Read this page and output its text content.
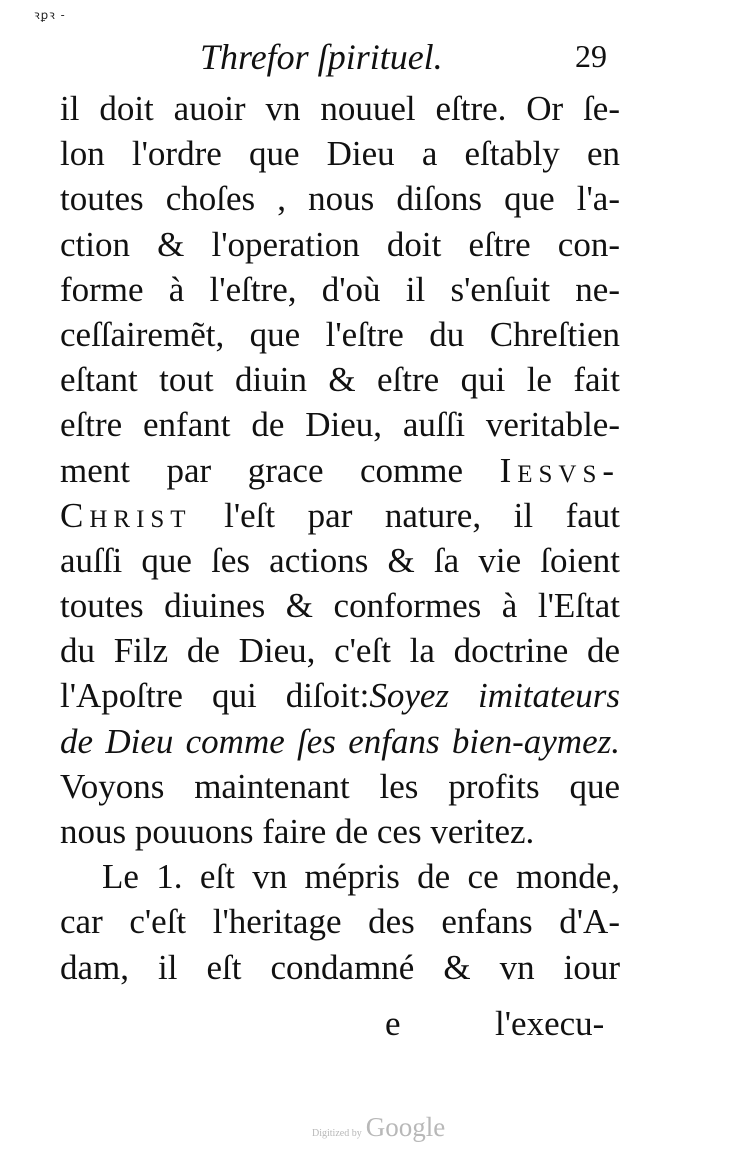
ꝛꝑꝛ -
Threfor ſpirituel.	29
il doit auoir vn nouuel eſtre. Or ſe-
lon l'ordre que Dieu a eſtably en
toutes choſes , nous diſons que l'a-
ction & l'operation doit eſtre con-
forme à l'eſtre, d'où il s'enſuit ne-
ceſſairemẽt, que l'eſtre du Chreſtien
eſtant tout diuin & eſtre qui le fait
eſtre enfant de Dieu, auſſi veritable-
ment par grace comme Iesvs-
Christ l'eſt par nature, il faut
auſſi que ſes actions & ſa vie ſoient
toutes diuines & conformes à l'Eſtat
du Filz de Dieu, c'eſt la doctrine de
l'Apoſtre qui diſoit:Soyez imitateurs
de Dieu comme ſes enfans bien-aymez.
Voyons maintenant les profits que
nous pouuons faire de ces veritez.
Le 1. eſt vn mépris de ce monde,
car c'eſt l'heritage des enfans d'A-
dam, il eſt condamné & vn iour
e	l'execu-
Digitized by Google
